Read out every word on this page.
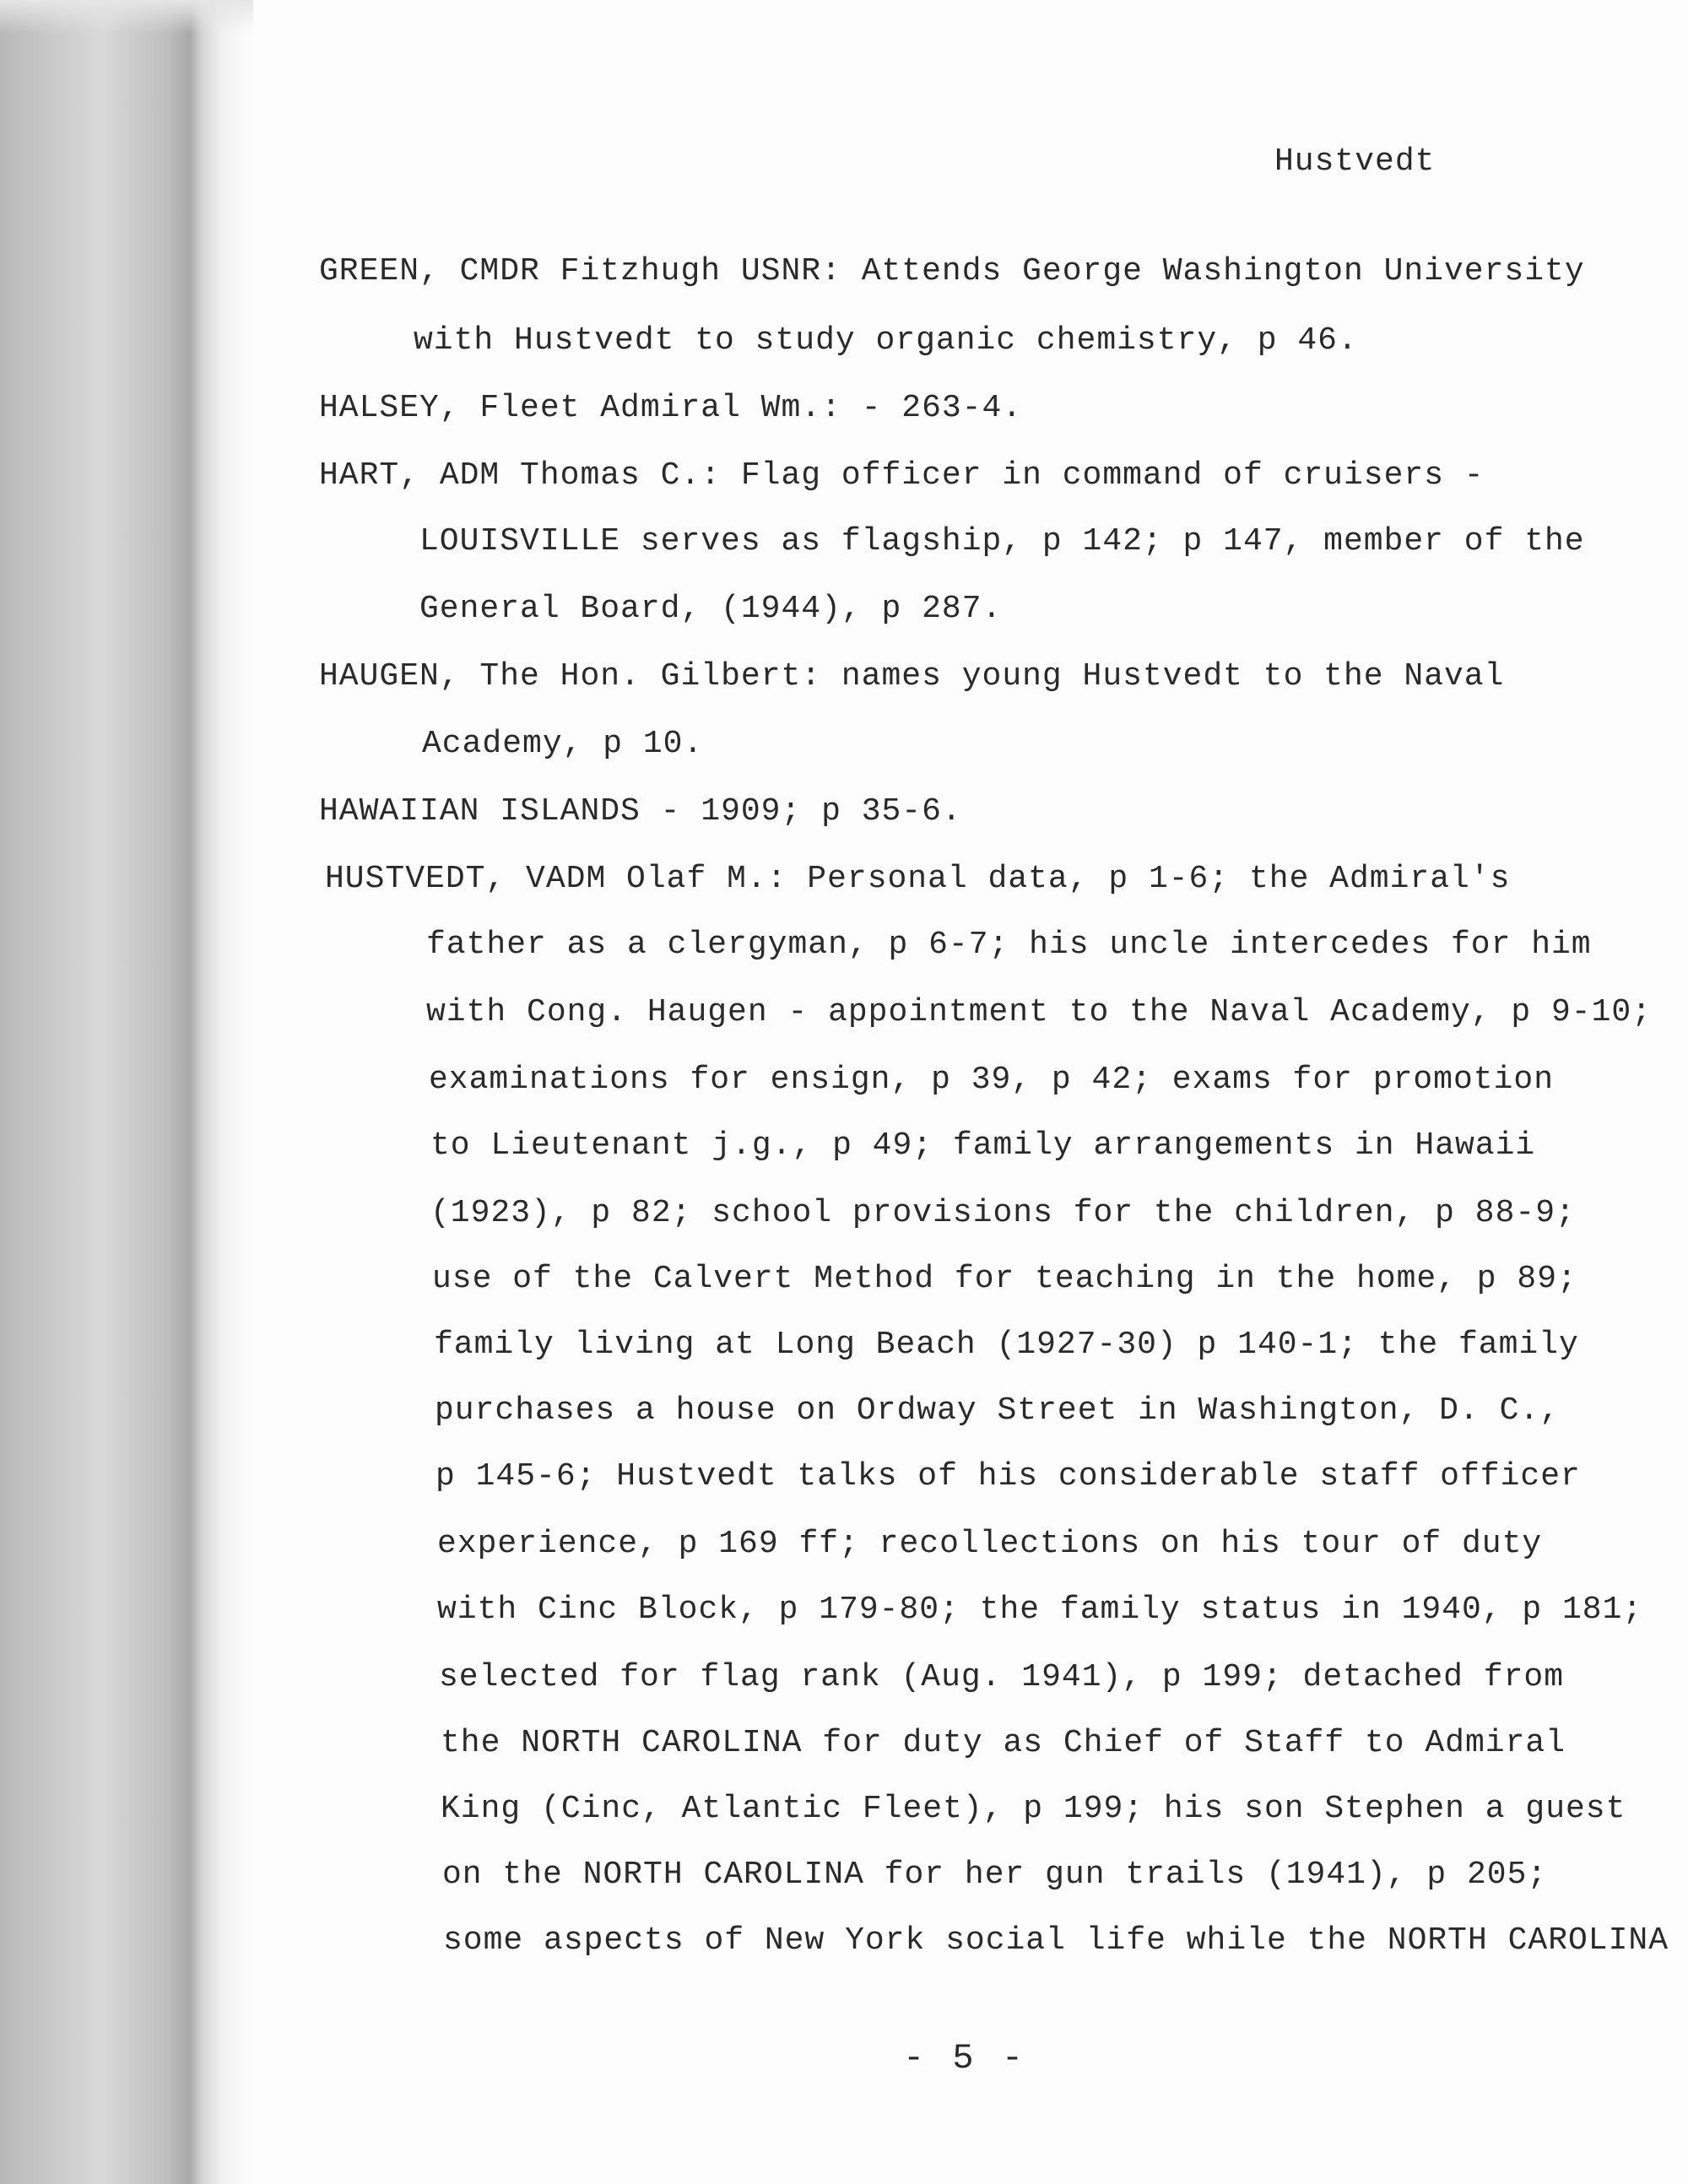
Hustvedt
GREEN, CMDR Fitzhugh USNR: Attends George Washington University
with Hustvedt to study organic chemistry, p 46.
HALSEY, Fleet Admiral Wm.: - 263-4.
HART, ADM Thomas C.: Flag officer in command of cruisers -
LOUISVILLE serves as flagship, p 142; p 147, member of the
General Board, (1944), p 287.
HAUGEN, The Hon. Gilbert: names young Hustvedt to the Naval
Academy, p 10.
HAWAIIAN ISLANDS - 1909; p 35-6.
HUSTVEDT, VADM Olaf M.: Personal data, p 1-6; the Admiral's
father as a clergyman, p 6-7; his uncle intercedes for him
with Cong. Haugen - appointment to the Naval Academy, p 9-10;
examinations for ensign, p 39, p 42; exams for promotion
to Lieutenant j.g., p 49; family arrangements in Hawaii
(1923), p 82; school provisions for the children, p 88-9;
use of the Calvert Method for teaching in the home, p 89;
family living at Long Beach (1927-30) p 140-1; the family
purchases a house on Ordway Street in Washington, D. C.,
p 145-6; Hustvedt talks of his considerable staff officer
experience, p 169 ff; recollections on his tour of duty
with Cinc Block, p 179-80; the family status in 1940, p 181;
selected for flag rank (Aug. 1941), p 199; detached from
the NORTH CAROLINA for duty as Chief of Staff to Admiral
King (Cinc, Atlantic Fleet), p 199; his son Stephen a guest
on the NORTH CAROLINA for her gun trails (1941), p 205;
some aspects of New York social life while the NORTH CAROLINA
- 5 -
